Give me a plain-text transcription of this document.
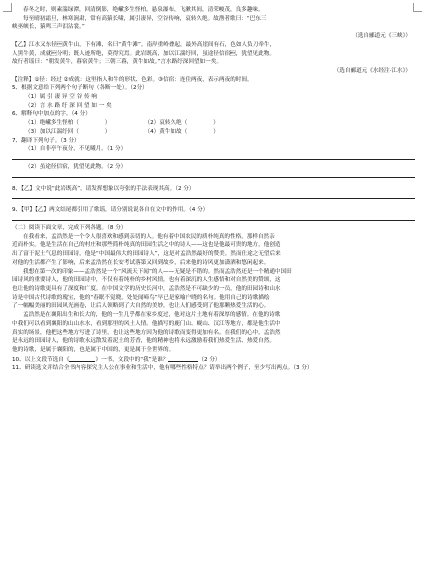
春冬之时，则素湍绿潭，回清倒影，绝𪩘多生怪柏，悬泉瀑布，飞漱其间，清荣峻茂，良多趣味。

每至晴初霜旦，林寒涧肃，常有高猿长啸，属引凄异，空谷传响，哀转久绝。故渔者歌曰：“巴东三

峡巫峡长，猿鸣三声泪沾裳。”

（选自郦道元《三峡》）

【乙】江水又东径黄牛山，下有滩，名曰“黄牛滩”。南岸重岭叠起，最外高崖间有石，色如人负刀牵牛，

人黑牛黄，成就分明；既人迹所绝，莫得究焉。此岩既高，加以江湍纡回，虽途径信宿，犹望见此物。

故行者谣曰：“朝发黄牛，暮宿黄牛；三朝三暮，黄牛如故。”言水路纡深回望如一矣。

（选自郦道元《水经注·江水》）

【注释】①径：经过 ②成就：这里指人和牛的形状、色彩。③信宿：连住两夜，表示两夜的时间。

5、根据文意给下列两个句子断句（各断一处）。（2分）

（1）属 引 凄 异 空 谷 传 响

（2）言 水 路 纡 深 回 望 如 一 矣

6、解释句中加点的字。（4 分）

（1）绝𪩘多生怪柏（	）	（2）哀转久绝（	）

（3）加以江湍纡回（	）	（4）黄牛如故（	）

7、翻译下列句子。（3 分）

（1）自非亭午夜分，不见曦月。（1 分）

（2）虽途径信宿，犹望见此物。（2 分）

8、【乙】文中说“此岩既高”，请发挥想象以夸张的手法表现其高。（2 分）

9、【甲】【乙】两文结尾都引用了歌谣，请分别说说各自在文中的作用。（4 分）

（二）阅读下面文章，完成下列各题。（8 分）

在我看来，孟浩然是一个令人很喜欢和感到亲切的人。他有着中国农民的质朴纯真的性格，那样自然亲

近而朴实。他是生活在自己的村庄和那些简朴纯真的田园生活之中的诗人——这也是他最可贵的地方，他创造

出了富于泥土气息的田园诗，他是“中国最伟大的田园诗人”，这是对孟浩然最好的赞美。然而仕途之无望后来

对他的生活都产生了影响，后来孟浩然在长安考试落第又回到故乡，后来他的诗风更加潇洒和悠闲起来。

我想在第一次的印象——孟浩然是一个“风流天下闻”的人——无疑是不错的。然而孟浩然还是一个精通中国田

园诗风的重要诗人，他的田园诗中，不仅有着纯朴的乡村风情，也有着深沉的人生感悟和对自然美的赞颂，这

也让他的诗歌更具有了深度和广度。在中国文学的历史长河中，孟浩然是不可缺少的一员，他的田园诗和山水

诗是中国古代诗歌的瑰宝，他的“春眠不觉晓，处处闻啼鸟”早已是家喻户晓的名句。他用自己的诗歌描绘

了一幅幅美丽的田园风光画卷，让后人领略到了大自然的美妙，也让人们感受到了他那颗热爱生活的心。

孟浩然是在襄阳出生和长大的，他的一生几乎都在家乡度过，他对这片土地有着深厚的感情。在他的诗歌

中我们可以看到襄阳的山山水水，看到那里的风土人情。他描写的鹿门山、岘山、汉江等地方，都是他生活中

真实的场景，他把这些地方写进了诗里，也让这些地方因为他的诗歌而变得更加有名。在我们的心中，孟浩然

是永远的田园诗人，他的诗歌永远散发着泥土的芳香，他的精神也将永远激励着我们热爱生活、热爱自然。

他的诗歌，是属于襄阳的，也是属于中国的，更是属于全世界的。

10、以上文段节选自《	》一书，文段中的“我”是谁？	（2 分）

11、研读选文并结合全书内容探究主人公在事业和生活中，他有哪些性格特点？请举出两个例子，至少写出两点。（3 分）
